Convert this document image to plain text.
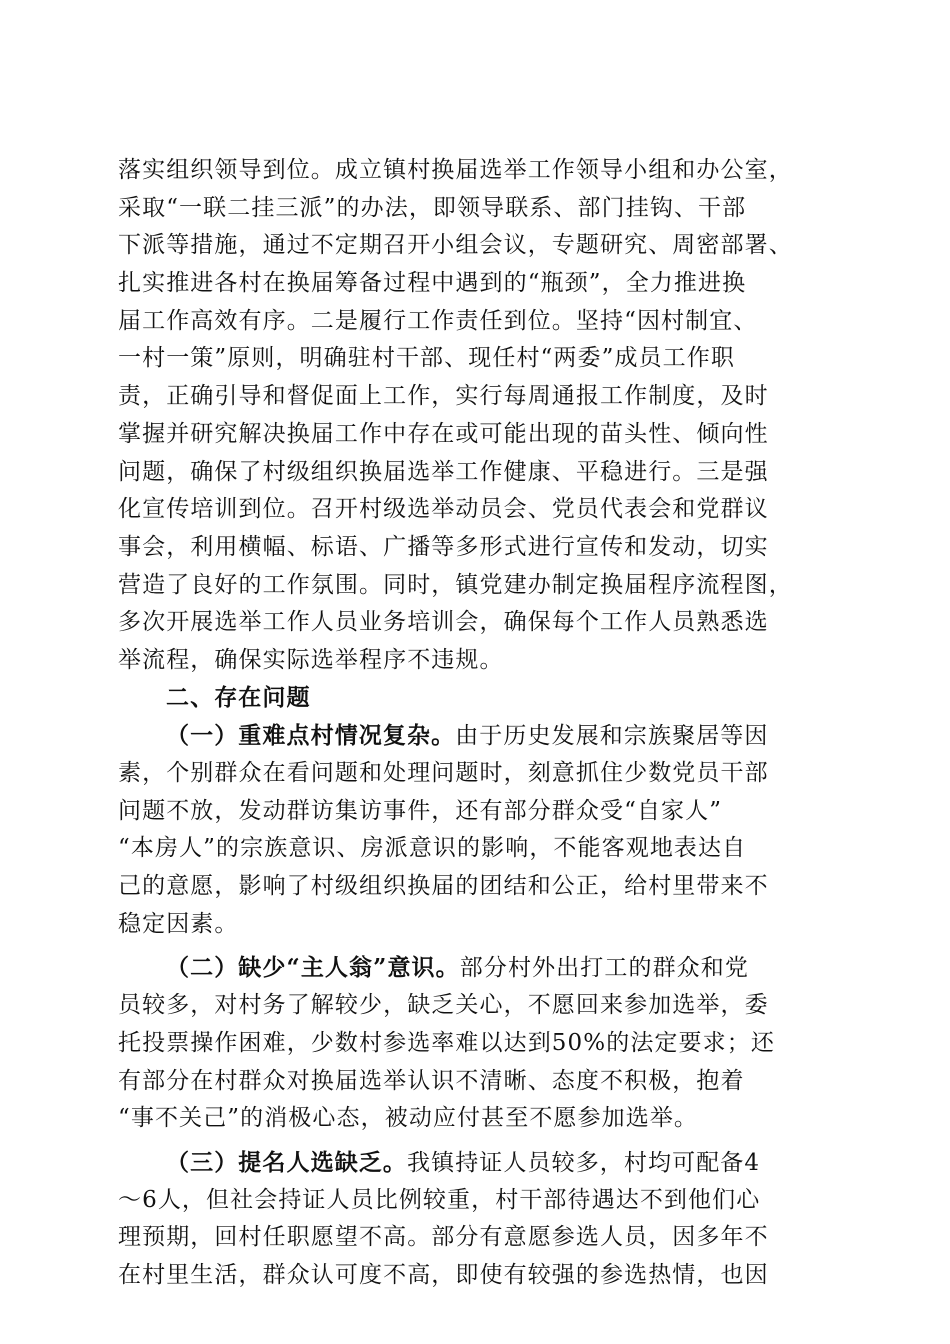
落实组织领导到位。成立镇村换届选举工作领导小组和办公室，
采取“一联二挂三派”的办法，即领导联系、部门挂钩、干部
下派等措施，通过不定期召开小组会议，专题研究、周密部署、
扎实推进各村在换届筹备过程中遇到的“瓶颈”，全力推进换
届工作高效有序。二是履行工作责任到位。坚持“因村制宜、
一村一策”原则，明确驻村干部、现任村“两委”成员工作职
责，正确引导和督促面上工作，实行每周通报工作制度，及时
掌握并研究解决换届工作中存在或可能出现的苗头性、倾向性
问题，确保了村级组织换届选举工作健康、平稳进行。三是强
化宣传培训到位。召开村级选举动员会、党员代表会和党群议
事会，利用横幅、标语、广播等多形式进行宣传和发动，切实
营造了良好的工作氛围。同时，镇党建办制定换届程序流程图，
多次开展选举工作人员业务培训会，确保每个工作人员熟悉选
举流程，确保实际选举程序不违规。
二、存在问题
（一）重难点村情况复杂。由于历史发展和宗族聚居等因
素，个别群众在看问题和处理问题时，刻意抓住少数党员干部
问题不放，发动群访集访事件，还有部分群众受“自家人”
“本房人”的宗族意识、房派意识的影响，不能客观地表达自
己的意愿，影响了村级组织换届的团结和公正，给村里带来不
稳定因素。
（二）缺少“主人翁”意识。部分村外出打工的群众和党
员较多，对村务了解较少，缺乏关心，不愿回来参加选举，委
托投票操作困难，少数村参选率难以达到50%的法定要求；还
有部分在村群众对换届选举认识不清晰、态度不积极，抱着
“事不关己”的消极心态，被动应付甚至不愿参加选举。
（三）提名人选缺乏。我镇持证人员较多，村均可配备4
～6人，但社会持证人员比例较重，村干部待遇达不到他们心
理预期，回村任职愿望不高。部分有意愿参选人员，因多年不
在村里生活，群众认可度不高，即使有较强的参选热情，也因
